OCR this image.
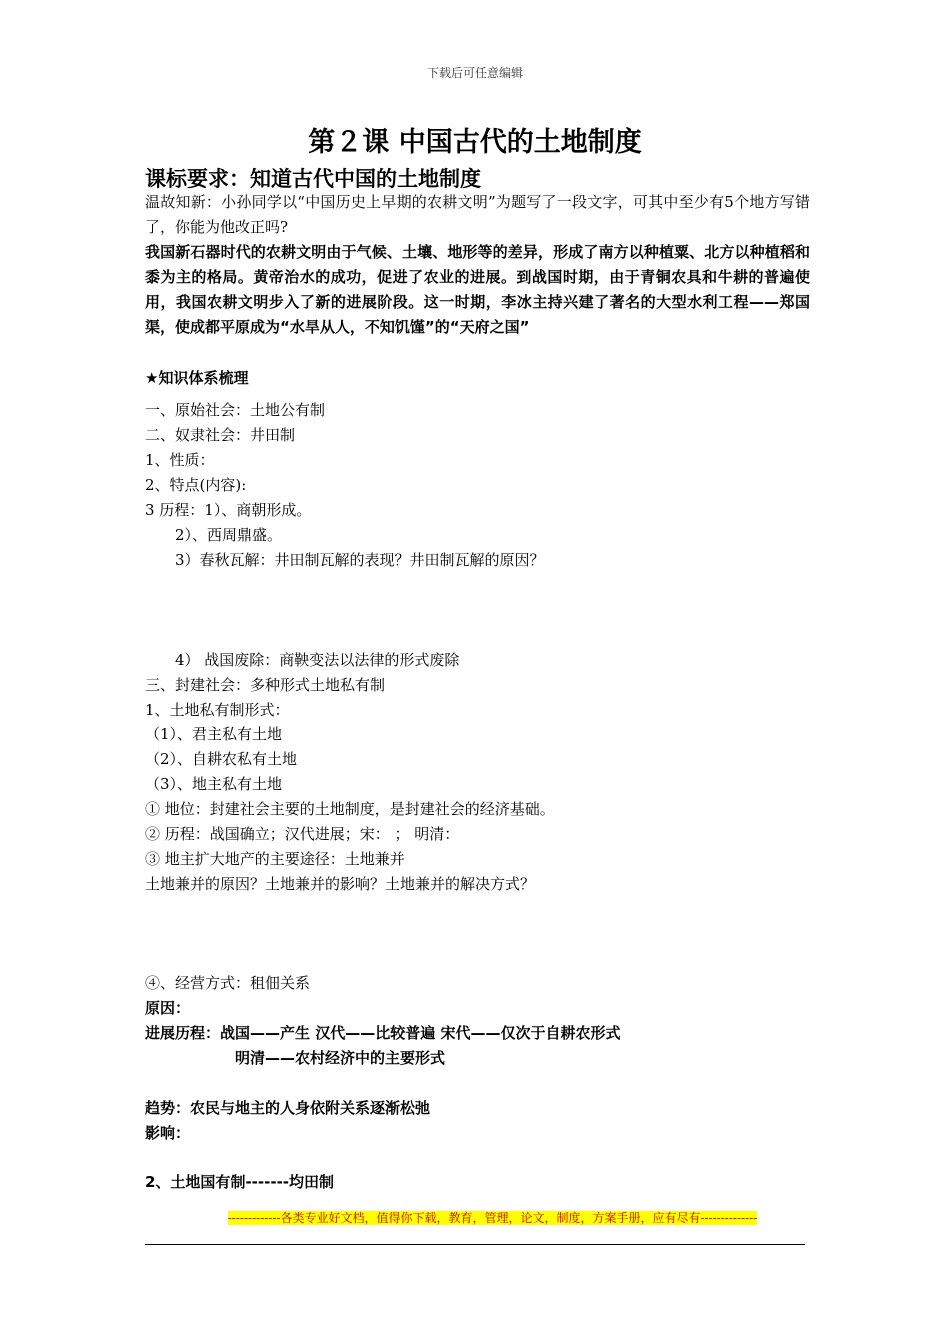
下载后可任意编辑
第２课 中国古代的土地制度
课标要求：知道古代中国的土地制度
温故知新：小孙同学以“中国历史上早期的农耕文明”为题写了一段文字，可其中至少有5个地方写错了，你能为他改正吗?
我国新石器时代的农耕文明由于气候、土壤、地形等的差异，形成了南方以种植粟、北方以种植稻和黍为主的格局。黄帝治水的成功，促进了农业的进展。到战国时期，由于青铜农具和牛耕的普遍使用，我国农耕文明步入了新的进展阶段。这一时期，李冰主持兴建了著名的大型水利工程——郑国渠，使成都平原成为“水旱从人，不知饥馑”的“天府之国”
★知识体系梳理
一、原始社会：土地公有制
二、奴隶社会：井田制
1、性质：
2、特点(内容):
3 历程：1）、商朝形成。
2）、西周鼎盛。
3）春秋瓦解：井田制瓦解的表现？井田制瓦解的原因？
4） 战国废除：商鞅变法以法律的形式废除
三、封建社会：多种形式土地私有制
1、土地私有制形式：
（1）、君主私有土地
（2）、自耕农私有土地
（3）、地主私有土地
① 地位：封建社会主要的土地制度，是封建社会的经济基础。
② 历程：战国确立；汉代进展；宋： ； 明清：
③ 地主扩大地产的主要途径：土地兼并
土地兼并的原因？土地兼并的影响？土地兼并的解决方式？
④、经营方式：租佃关系
原因：
进展历程：战国——产生 汉代——比较普遍 宋代——仅次于自耕农形式
明清——农村经济中的主要形式
趋势：农民与地主的人身依附关系逐渐松弛
影响：
2、土地国有制-------均田制
-------------各类专业好文档，值得你下载，教育，管理，论文，制度，方案手册，应有尽有--------------
